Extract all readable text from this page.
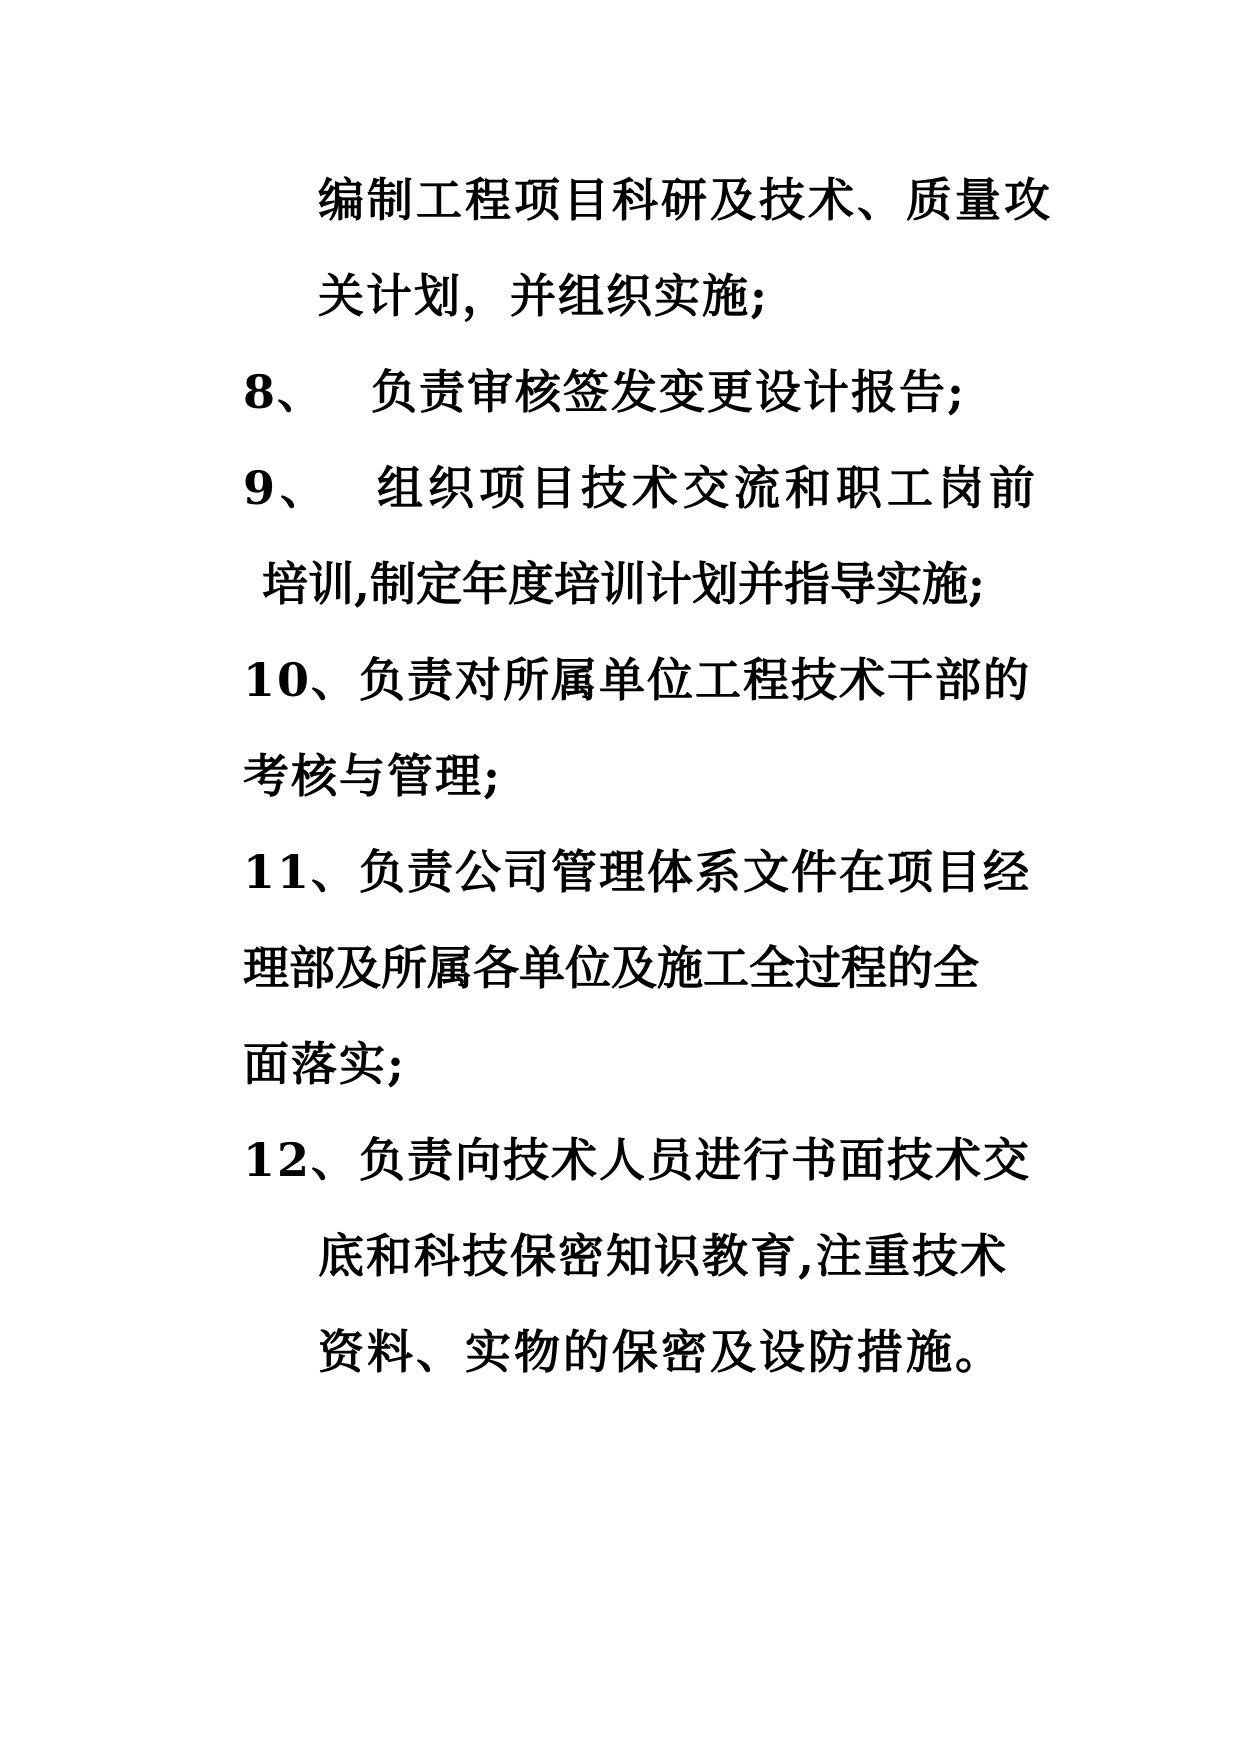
编制工程项目科研及技术、质量攻
关计划，并组织实施;
8、 负责审核签发变更设计报告;
9、 组织项目技术交流和职工岗前
培训,制定年度培训计划并指导实施;
10、负责对所属单位工程技术干部的
考核与管理;
11、负责公司管理体系文件在项目经
理部及所属各单位及施工全过程的全
面落实;
12、负责向技术人员进行书面技术交
底和科技保密知识教育,注重技术
资料、实物的保密及设防措施。
